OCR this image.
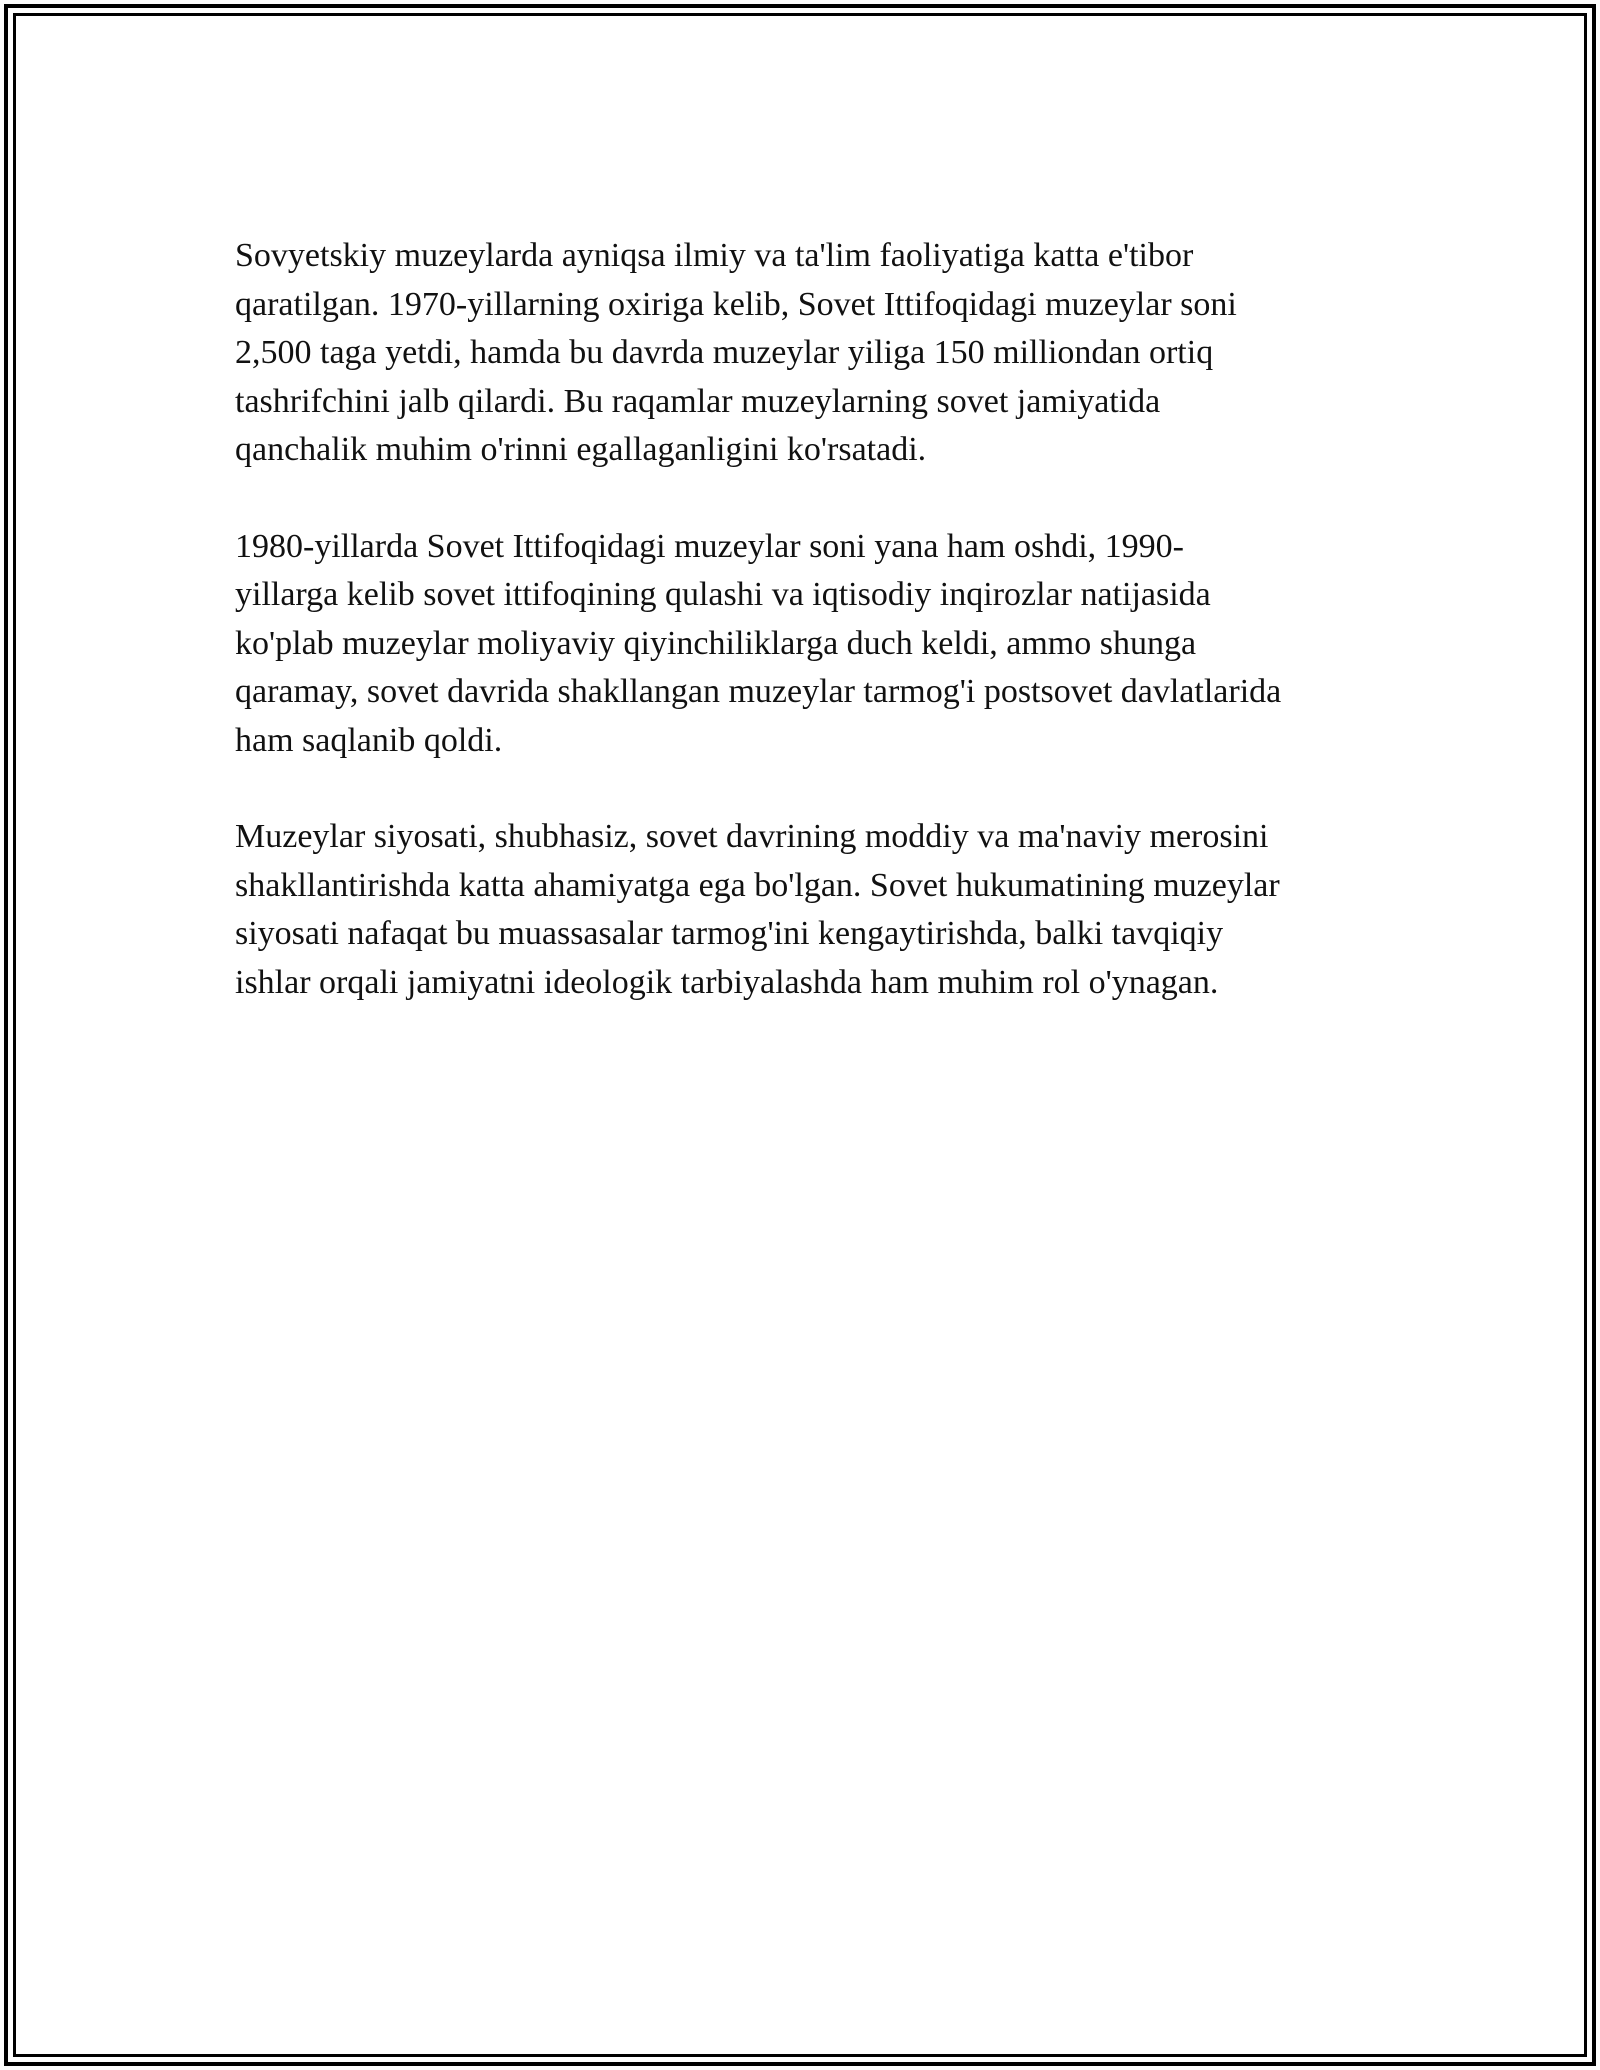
Sovyetskiy muzeylarda ayniqsa ilmiy va ta'lim faoliyatiga katta e'tibor
qaratilgan. 1970-yillarning oxiriga kelib, Sovet Ittifoqidagi muzeylar soni
2,500 taga yetdi, hamda bu davrda muzeylar yiliga 150 milliondan ortiq
tashrifchini jalb qilardi. Bu raqamlar muzeylarning sovet jamiyatida
qanchalik muhim o'rinni egallaganligini ko'rsatadi.

1980-yillarda Sovet Ittifoqidagi muzeylar soni yana ham oshdi, 1990-
yillarga kelib sovet ittifoqining qulashi va iqtisodiy inqirozlar natijasida
ko'plab muzeylar moliyaviy qiyinchiliklarga duch keldi, ammo shunga
qaramay, sovet davrida shakllangan muzeylar tarmog'i postsovet davlatlarida
ham saqlanib qoldi.

Muzeylar siyosati, shubhasiz, sovet davrining moddiy va ma'naviy merosini
shakllantirishda katta ahamiyatga ega bo'lgan. Sovet hukumatining muzeylar
siyosati nafaqat bu muassasalar tarmog'ini kengaytirishda, balki tavqiqiy
ishlar orqali jamiyatni ideologik tarbiyalashda ham muhim rol o'ynagan.
